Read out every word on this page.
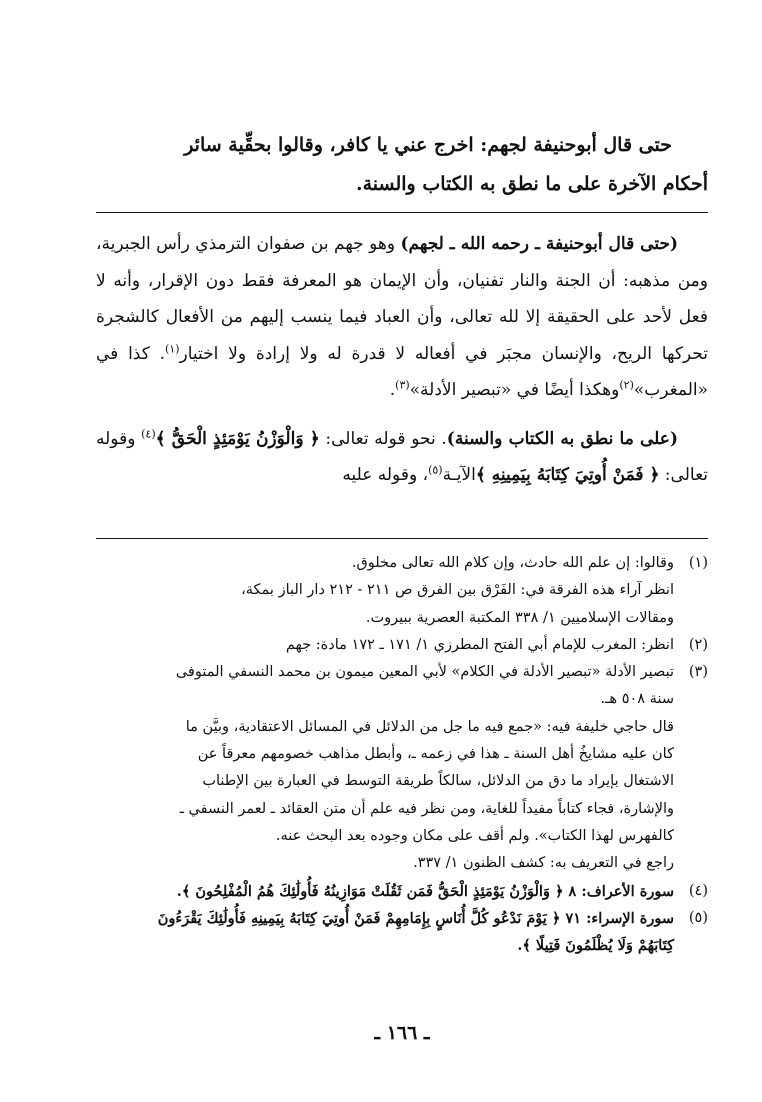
حتى قال أبوحنيفة لجهم: اخرج عني يا كافر، وقالوا بحقِّية سائر

أحكام الآخرة على ما نطق به الكتاب والسنة.

(حتى قال أبوحنيفة ـ رحمه الله ـ لجهم) وهو جهم بن صفوان الترمذي رأس الجبرية، ومن مذهبه: أن الجنة والنار تفنيان، وأن الإيمان هو المعرفة فقط دون الإقرار، وأنه لا فعل لأحد على الحقيقة إلا لله تعالى، وأن العباد فيما ينسب إليهم من الأفعال كالشجرة تحركها الريح، والإنسان مجبَر في أفعاله لا قدرة له ولا إرادة ولا اختيار$^{(١)}$. كذا في «المغرب»$^{(٢)}$وهكذا أيضًا في «تبصير الأدلة»$^{(٣)}$.

(على ما نطق به الكتاب والسنة). نحو قوله تعالى: ﴿ وَالْوَزْنُ يَوْمَئِذٍ الْحَقُّ ﴾$^{(٤)}$ وقوله تعالى: ﴿ فَمَنْ أُوتِيَ كِتَابَهُ بِيَمِينِهِ ﴾الآيـة$^{(٥)}$، وقوله عليه

(١)
وقالوا: إن علم الله حادث، وإن كلام الله تعالى مخلوق.
انظر آراء هذه الفرقة في: الفَرْق بين الفرق ص ٢١١ - ٢١٢ دار الباز بمكة،
ومقالات الإسلاميين ١/ ٣٣٨ المكتبة العصرية ببيروت.
(٢)
انظر: المغرب للإمام أبي الفتح المطرزي ١/ ١٧١ ـ ١٧٢ مادة: جهم
(٣)
تبصير الأدلة «تبصير الأدلة في الكلام» لأبي المعين ميمون بن محمد النسفي المتوفى
سنة ٥٠٨ هـ.
قال حاجي خليفة فيه: «جمع فيه ما جل من الدلائل في المسائل الاعتقادية، وبيَّن ما
كان عليه مشايخُ أهل السنة ـ هذا في زعمه ـ، وأبطل مذاهب خصومهم معرقاً عن
الاشتغال بإيراد ما دق من الدلائل، سالكاً طريقة التوسط في العبارة بين الإطناب
والإشارة، فجاء كتاباً مفيداً للغاية، ومن نظر فيه علم أن متن العقائد ـ لعمر النسفي ـ
كالفهرس لهذا الكتاب». ولم أقف على مكان وجوده بعد البحث عنه.
راجع في التعريف به: كشف الظنون ١/ ٣٣٧.
(٤)
سورة الأعراف: ٨ ﴿ وَالْوَزْنُ يَوْمَئِذٍ الْحَقُّ فَمَن ثَقُلَتْ مَوَازِينُهُ فَأُولَٰئِكَ هُمُ الْمُفْلِحُونَ ﴾.
(٥)
سورة الإسراء: ٧١ ﴿ يَوْمَ نَدْعُو كُلَّ أُنَاسٍ بِإِمَامِهِمْ فَمَنْ أُوتِيَ كِتَابَهُ بِيَمِينِهِ فَأُولَٰئِكَ يَقْرَءُونَ
كِتَابَهُمْ وَلَا يُظْلَمُونَ فَتِيلًا ﴾.
ـ ١٦٦ ـ
